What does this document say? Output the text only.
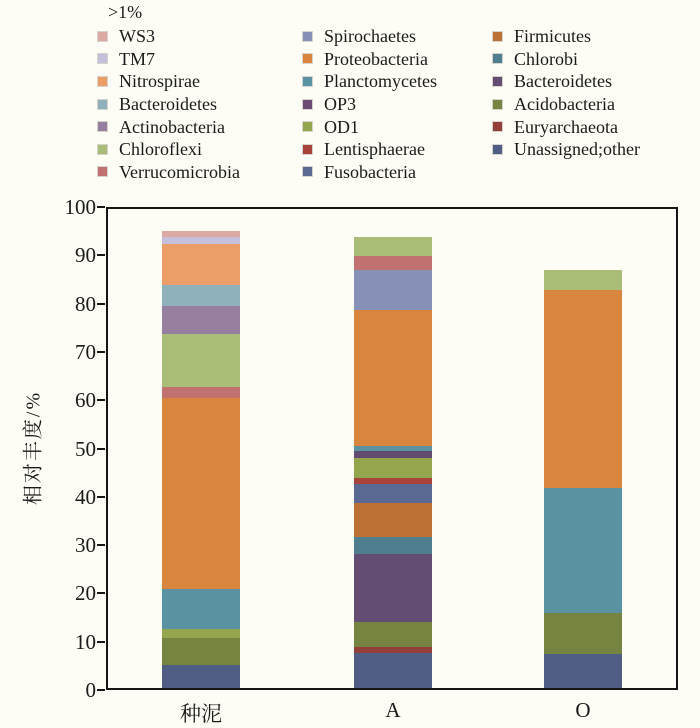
>1%
WS3
TM7
Nitrospirae
Bacteroidetes
Actinobacteria
Chloroflexi
Verrucomicrobia
Spirochaetes
Proteobacteria
Planctomycetes
OP3
OD1
Lentisphaerae
Fusobacteria
Firmicutes
Chlorobi
Bacteroidetes
Acidobacteria
Euryarchaeota
Unassigned;other
相对丰度/%
0
10
20
30
40
50
60
70
80
90
100
种泥	A	O
